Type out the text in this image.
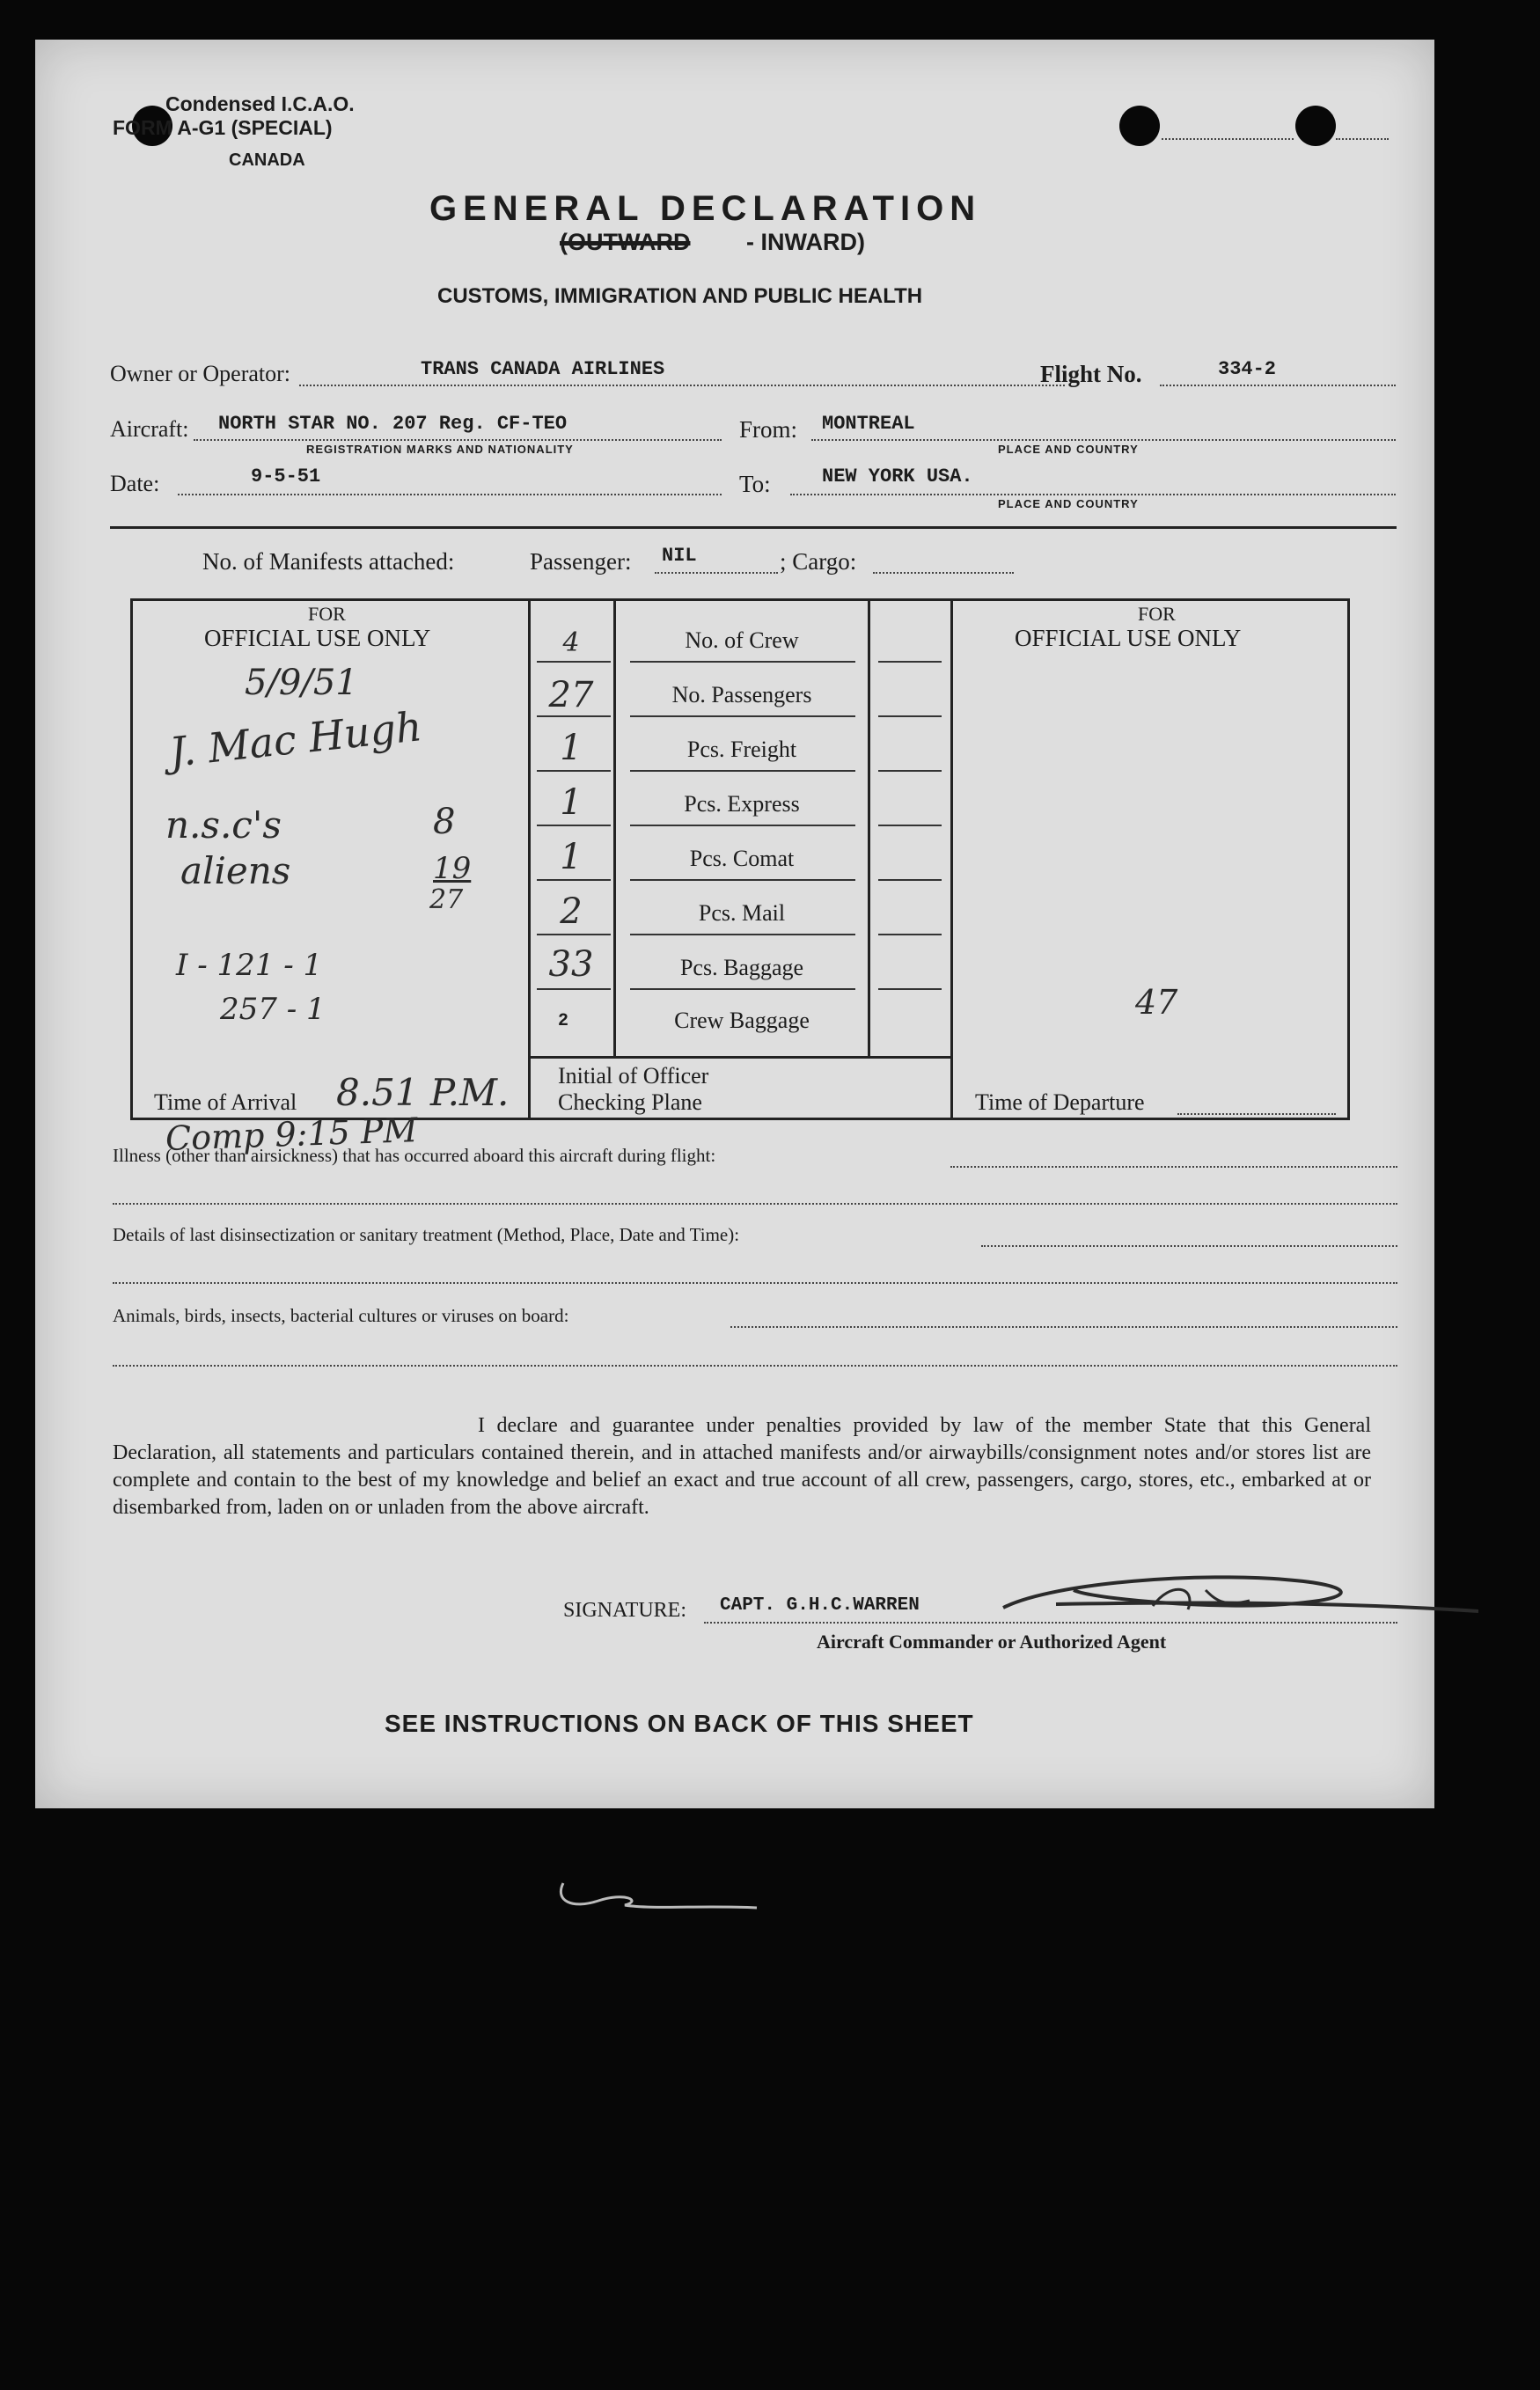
Condensed I.C.A.O.
FORM A-G1 (SPECIAL)
CANADA
GENERAL DECLARATION
(OUTWARD - INWARD)
CUSTOMS, IMMIGRATION AND PUBLIC HEALTH
Owner or Operator:	TRANS CANADA AIRLINES	Flight No.	334-2
Aircraft: NORTH STAR NO. 207 Reg. CF-TEO
REGISTRATION MARKS AND NATIONALITY
From: MONTREAL
PLACE AND COUNTRY
Date:	9-5-51	To:	NEW YORK USA.
PLACE AND COUNTRY
No. of Manifests attached:	Passenger: NIL	; Cargo:
FOR
OFFICIAL USE ONLY
FOR
OFFICIAL USE ONLY
4	No. of Crew
27	No. Passengers
1	Pcs. Freight
1	Pcs. Express
1	Pcs. Comat
2	Pcs. Mail
33	Pcs. Baggage
2	Crew Baggage
Initial of Officer
Checking Plane
5/9/51
J. Mac Hugh
n.s.c's	8
aliens	19
27
I - 121 - 1
257 - 1	47
Time of Arrival 8.51 P.M.	Time of Departure
Comp 9:15 PM
Illness (other than airsickness) that has occurred aboard this aircraft during flight:
Details of last disinsectization or sanitary treatment (Method, Place, Date and Time):
Animals, birds, insects, bacterial cultures or viruses on board:
I declare and guarantee under penalties provided by law of the member State that this General Declaration, all statements and particulars contained therein, and in attached manifests and/or airwaybills/consignment notes and/or stores list are complete and contain to the best of my knowledge and belief an exact and true account of all crew, passengers, cargo, stores, etc., embarked at or disembarked from, laden on or unladen from the above aircraft.
SIGNATURE: CAPT. G.H.C.WARREN
Aircraft Commander or Authorized Agent
SEE INSTRUCTIONS ON BACK OF THIS SHEET
